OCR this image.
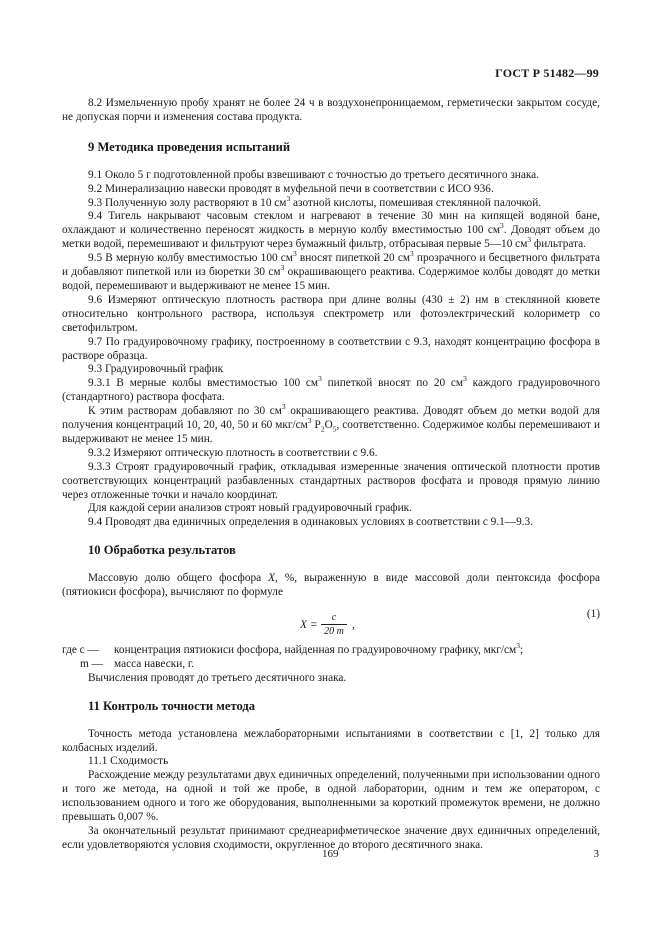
ГОСТ Р 51482—99

8.2 Измельченную пробу хранят не более 24 ч в воздухонепроницаемом, герметически закрытом сосуде, не допуская порчи и изменения состава продукта.

9 Методика проведения испытаний

9.1 Около 5 г подготовленной пробы взвешивают с точностью до третьего десятичного знака.

9.2 Минерализацию навески проводят в муфельной печи в соответствии с ИСО 936.

9.3 Полученную золу растворяют в 10 $см^3$ азотной кислоты, помешивая стеклянной палочкой.

9.4 Тигель накрывают часовым стеклом и нагревают в течение 30 мин на кипящей водяной бане, охлаждают и количественно переносят жидкость в мерную колбу вместимостью 100 $см^3$. Доводят объем до метки водой, перемешивают и фильтруют через бумажный фильтр, отбрасывая первые 5—10 $см^3$ фильтрата.

9.5 В мерную колбу вместимостью 100 $см^3$ вносят пипеткой 20 $см^3$ прозрачного и бесцветного фильтрата и добавляют пипеткой или из бюретки 30 $см^3$ окрашивающего реактива. Содержимое колбы доводят до метки водой, перемешивают и выдерживают не менее 15 мин.

9.6 Измеряют оптическую плотность раствора при длине волны (430 ± 2) нм в стеклянной кювете относительно контрольного раствора, используя спектрометр или фотоэлектрический колориметр со светофильтром.

9.7 По градуировочному графику, построенному в соответствии с 9.3, находят концентрацию фосфора в растворе образца.

9.3 Градуировочный график

9.3.1 В мерные колбы вместимостью 100 $см^3$ пипеткой вносят по 20 $см^3$ каждого градуировочного (стандартного) раствора фосфата.

К этим растворам добавляют по 30 $см^3$ окрашивающего реактива. Доводят объем до метки водой для получения концентраций 10, 20, 40, 50 и 60 мкг/$см^3$ $P_2O_5$, соответственно. Содержимое колбы перемешивают и выдерживают не менее 15 мин.

9.3.2 Измеряют оптическую плотность в соответствии с 9.6.

9.3.3 Строят градуировочный график, откладывая измеренные значения оптической плотности против соответствующих концентраций разбавленных стандартных растворов фосфата и проводя прямую линию через отложенные точки и начало координат.

Для каждой серии анализов строят новый градуировочный график.

9.4 Проводят два единичных определения в одинаковых условиях в соответствии с 9.1—9.3.

10 Обработка результатов

Массовую долю общего фосфора X, %, выраженную в виде массовой доли пентоксида фосфора (пятиокиси фосфора), вычисляют по формуле

X =
c
20 m
,
(1)
где c —	концентрация пятиокиси фосфора, найденная по градуировочному графику, мкг/$см^3$;
m — масса навески, г.

Вычисления проводят до третьего десятичного знака.

11 Контроль точности метода

Точность метода установлена межлабораторными испытаниями в соответствии с [1, 2] только для колбасных изделий.

11.1 Сходимость

Расхождение между результатами двух единичных определений, полученными при использовании одного и того же метода, на одной и той же пробе, в одной лаборатории, одним и тем же оператором, с использованием одного и того же оборудования, выполненными за короткий промежуток времени, не должно превышать 0,007 %.

За окончательный результат принимают среднеарифметическое значение двух единичных определений, если удовлетворяются условия сходимости, округленное до второго десятичного знака.

169	3
